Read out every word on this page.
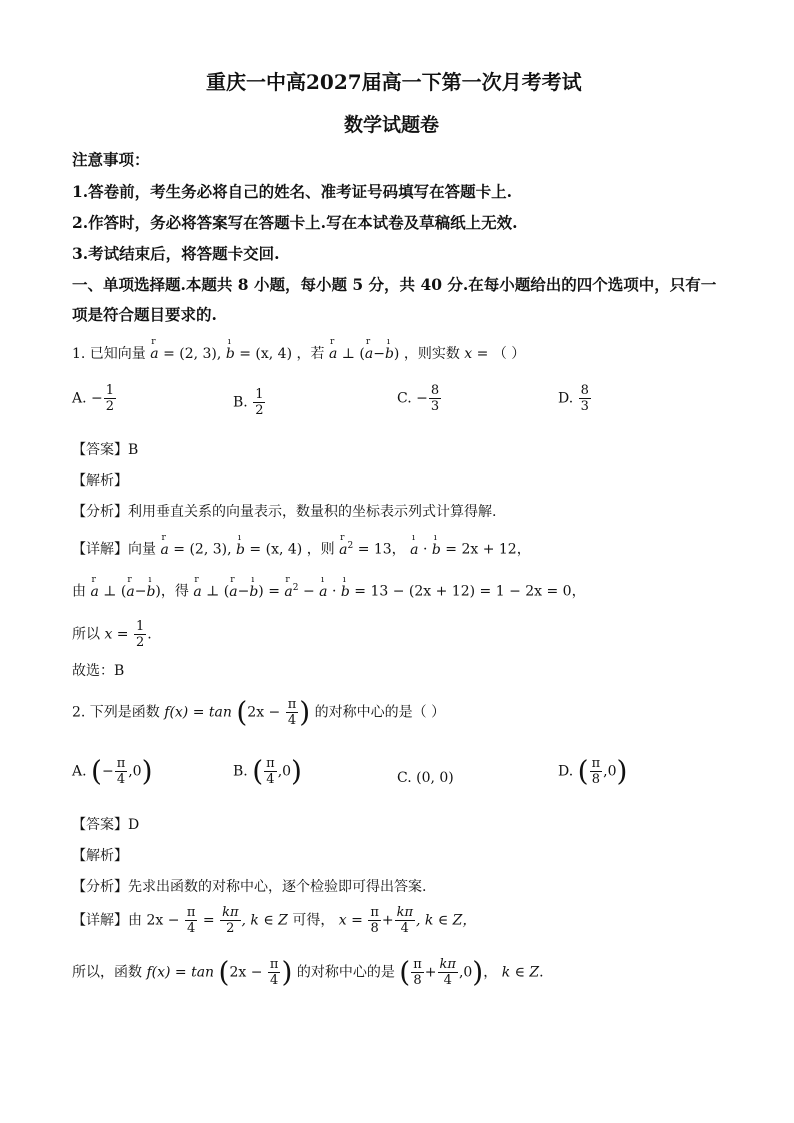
重庆一中高2027届高一下第一次月考考试
数学试题卷
注意事项：
1.答卷前，考生务必将自己的姓名、准考证号码填写在答题卡上.
2.作答时，务必将答案写在答题卡上.写在本试卷及草稿纸上无效.
3.考试结束后，将答题卡交回.
一、单项选择题.本题共 8 小题，每小题 5 分，共 40 分.在每小题给出的四个选项中，只有一
项是符合题目要求的.
1. 已知向量 r a = (2, 3), ı b = (x, 4) ，若 r a ⊥ (r a−ı b) ，则实数 x = （ ）
A. − $\frac{1}{2}$	B. $\frac{1}{2}$	C. − $\frac{8}{3}$	D. $\frac{8}{3}$
【答案】B
【解析】
【分析】利用垂直关系的向量表示，数量积的坐标表示列式计算得解.
【详解】向量 r a = (2, 3), ı b = (x, 4) ，则 r $a^2 = 13$， ı a · ı b = 2x + 12，
由 r a ⊥ (r a−ı b)，得 r a ⊥ (r a−ı b) = r $a^2$ − ı a · ı b = 13 − (2x + 12) = 1 − 2x = 0，
所以 $x = \frac{1}{2}$ .
故选：B
2. 下列是函数 $f(x) = \tan (2x - \frac{\pi}{4}$ ) 的对称中心的是（ ）
A. (− $\frac{\pi}{4} ,0$)	B. ( $\frac{\pi}{4} ,0$)	C. (0, 0)	D. ( $\frac{\pi}{8} ,0$)
【答案】D
【解析】
【分析】先求出函数的对称中心，逐个检验即可得出答案.
【详解】由 $2x - \frac{\pi}{4} = \frac{k\pi}{2}$ , k ∈ Z 可得， $x = \frac{\pi}{8} + \frac{k\pi}{4}$ , k ∈ Z，
所以，函数 $f(x) = \tan (2x - \frac{\pi}{4}$ ) 的对称中心的是 ( $\frac{\pi}{8} + \frac{k\pi}{4} ,0$)， k ∈ Z.
